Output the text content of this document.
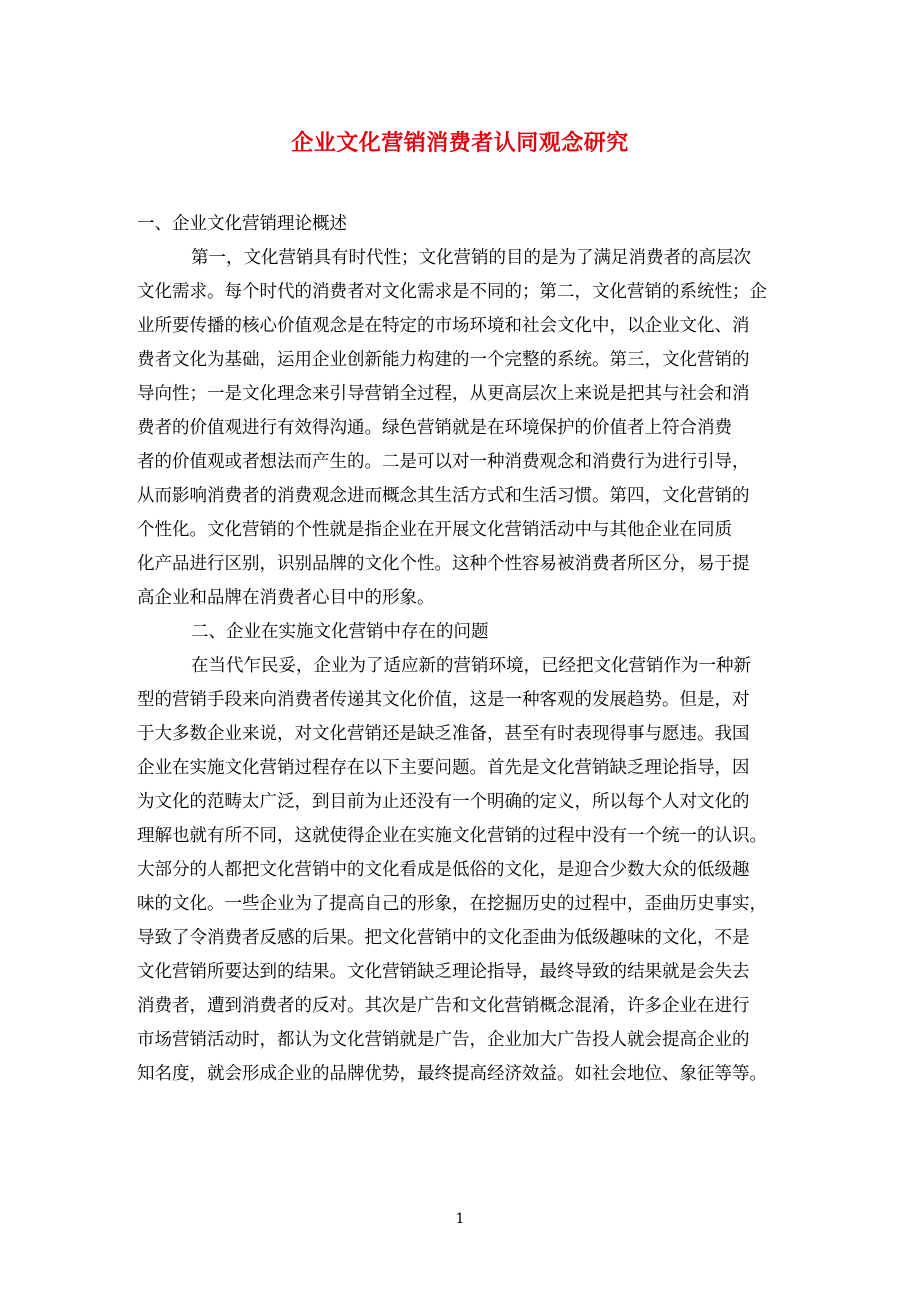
企业文化营销消费者认同观念研究
一、企业文化营销理论概述
第一，文化营销具有时代性；文化营销的目的是为了满足消费者的高层次
文化需求。每个时代的消费者对文化需求是不同的；第二，文化营销的系统性；企
业所要传播的核心价值观念是在特定的市场环境和社会文化中，以企业文化、消
费者文化为基础，运用企业创新能力构建的一个完整的系统。第三，文化营销的
导向性；一是文化理念来引导营销全过程，从更高层次上来说是把其与社会和消
费者的价值观进行有效得沟通。绿色营销就是在环境保护的价值者上符合消费
者的价值观或者想法而产生的。二是可以对一种消费观念和消费行为进行引导，
从而影响消费者的消费观念进而概念其生活方式和生活习惯。第四，文化营销的
个性化。文化营销的个性就是指企业在开展文化营销活动中与其他企业在同质
化产品进行区别，识别品牌的文化个性。这种个性容易被消费者所区分，易于提
高企业和品牌在消费者心目中的形象。
二、企业在实施文化营销中存在的问题
在当代乍民妥，企业为了适应新的营销环境，已经把文化营销作为一种新
型的营销手段来向消费者传递其文化价值，这是一种客观的发展趋势。但是，对
于大多数企业来说，对文化营销还是缺乏准备，甚至有时表现得事与愿违。我国
企业在实施文化营销过程存在以下主要问题。首先是文化营销缺乏理论指导，因
为文化的范畴太广泛，到目前为止还没有一个明确的定义，所以每个人对文化的
理解也就有所不同，这就使得企业在实施文化营销的过程中没有一个统一的认识。
大部分的人都把文化营销中的文化看成是低俗的文化，是迎合少数大众的低级趣
味的文化。一些企业为了提高自己的形象，在挖掘历史的过程中，歪曲历史事实，
导致了令消费者反感的后果。把文化营销中的文化歪曲为低级趣味的文化，不是
文化营销所要达到的结果。文化营销缺乏理论指导，最终导致的结果就是会失去
消费者，遭到消费者的反对。其次是广告和文化营销概念混淆，许多企业在进行
市场营销活动时，都认为文化营销就是广告，企业加大广告投人就会提高企业的
知名度，就会形成企业的品牌优势，最终提高经济效益。如社会地位、象征等等。
1
